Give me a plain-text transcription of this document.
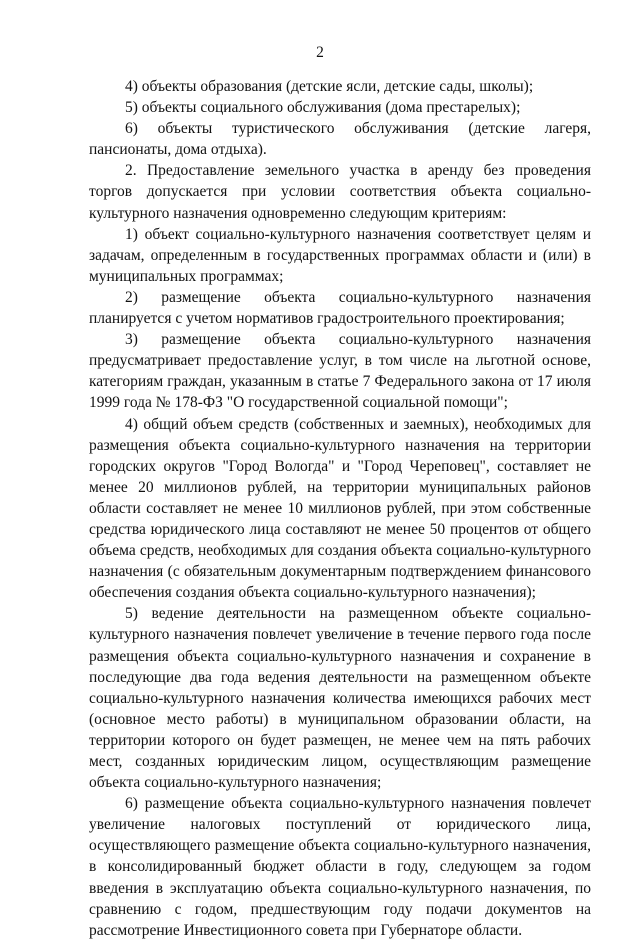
2

4) объекты образования (детские ясли, детские сады, школы);

5) объекты социального обслуживания (дома престарелых);

6) объекты туристического обслуживания (детские лагеря, пансионаты, дома отдыха).

2. Предоставление земельного участка в аренду без проведения торгов допускается при условии соответствия объекта социально-культурного назначения одновременно следующим критериям:

1) объект социально-культурного назначения соответствует целям и задачам, определенным в государственных программах области и (или) в муниципальных программах;

2) размещение объекта социально-культурного назначения планируется с учетом нормативов градостроительного проектирования;

3) размещение объекта социально-культурного назначения предусматривает предоставление услуг, в том числе на льготной основе, категориям граждан, указанным в статье 7 Федерального закона от 17 июля 1999 года № 178-ФЗ "О государственной социальной помощи";

4) общий объем средств (собственных и заемных), необходимых для размещения объекта социально-культурного назначения на территории городских округов "Город Вологда" и "Город Череповец", составляет не менее 20 миллионов рублей, на территории муниципальных районов области составляет не менее 10 миллионов рублей, при этом собственные средства юридического лица составляют не менее 50 процентов от общего объема средств, необходимых для создания объекта социально-культурного назначения (с обязательным документарным подтверждением финансового обеспечения создания объекта социально-культурного назначения);

5) ведение деятельности на размещенном объекте социально-культурного назначения повлечет увеличение в течение первого года после размещения объекта социально-культурного назначения и сохранение в последующие два года ведения деятельности на размещенном объекте социально-культурного назначения количества имеющихся рабочих мест (основное место работы) в муниципальном образовании области, на территории которого он будет размещен, не менее чем на пять рабочих мест, созданных юридическим лицом, осуществляющим размещение объекта социально-культурного назначения;

6) размещение объекта социально-культурного назначения повлечет увеличение налоговых поступлений от юридического лица, осуществляющего размещение объекта социально-культурного назначения, в консолидированный бюджет области в году, следующем за годом введения в эксплуатацию объекта социально-культурного назначения, по сравнению с годом, предшествующим году подачи документов на рассмотрение Инвестиционного совета при Губернаторе области.
